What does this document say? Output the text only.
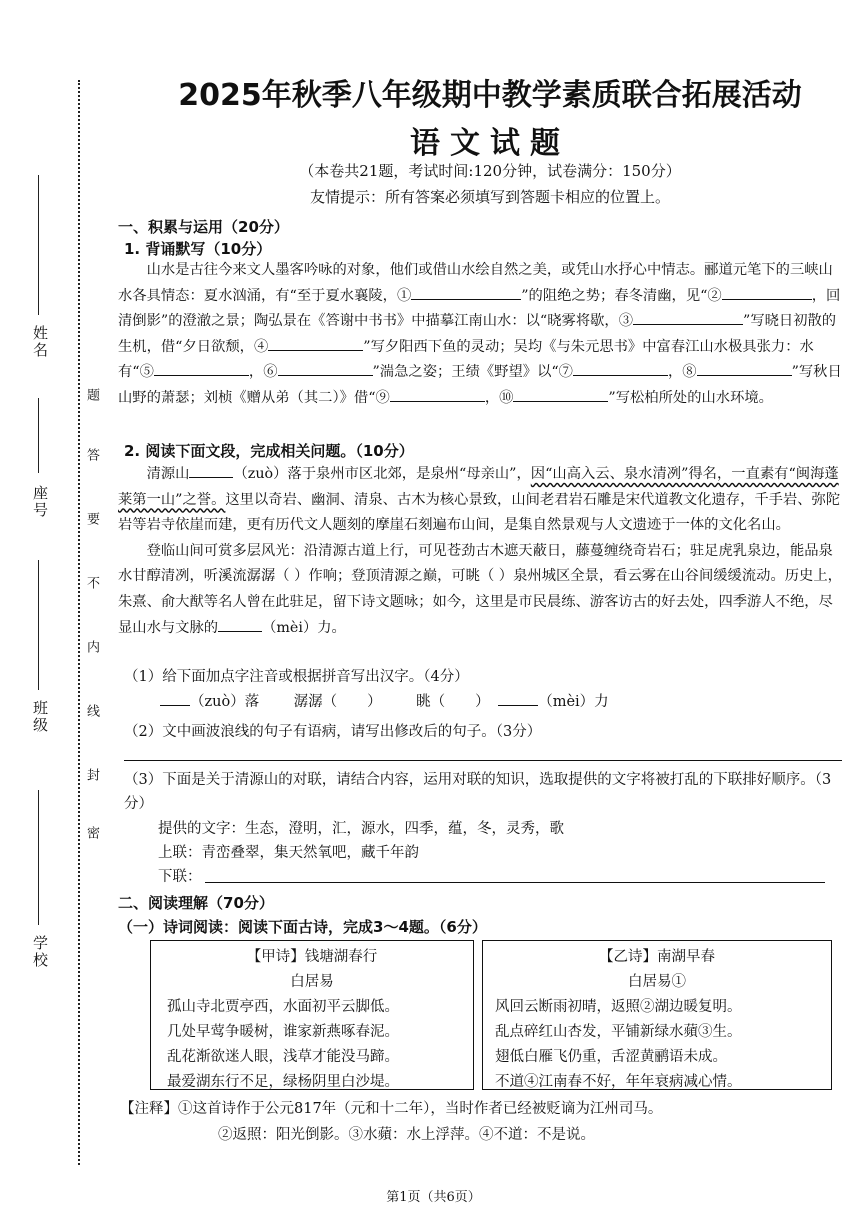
姓名
座号
班级
学校
题
答
要
不
内
线
封
密
2025年秋季八年级期中教学素质联合拓展活动
语文试题
（本卷共21题，考试时间:120分钟，试卷满分：150分）
友情提示：所有答案必须填写到答题卡相应的位置上。
一、积累与运用（20分）
1. 背诵默写（10分）

山水是古往今来文人墨客吟咏的对象，他们或借山水绘自然之美，或凭山水抒心中情志。郦道元笔下的三峡山水各具情态：夏水汹涌，有“至于夏水襄陵，①	”的阻绝之势；春冬清幽，见“②	，回清倒影”的澄澈之景；陶弘景在《答谢中书书》中描摹江南山水：以“晓雾将歇，③	”写晓日初散的生机，借“夕日欲颓，④	”写夕阳西下鱼的灵动；吴均《与朱元思书》中富春江山水极具张力：水有“⑤	，⑥	”湍急之姿；王绩《野望》以“⑦	，⑧	”写秋日山野的萧瑟；刘桢《赠从弟（其二）》借“⑨	，⑩	”写松柏所处的山水环境。

2. 阅读下面文段，完成相关问题。（10分）

清源山	（zuò）落于泉州市区北郊，是泉州“母亲山”，因“山高入云、泉水清冽”得名，一直素有“闽海蓬莱第一山”之誉。这里以奇岩、幽洞、清泉、古木为核心景致，山间老君岩石雕是宋代道教文化遗存，千手岩、弥陀岩等岩寺依崖而建，更有历代文人题刻的摩崖石刻遍布山间，是集自然景观与人文遗迹于一体的文化名山。

登临山间可赏多层风光：沿清源古道上行，可见苍劲古木遮天蔽日，藤蔓缠绕奇岩石；驻足虎乳泉边，能品泉水甘醇清冽，听溪流潺潺（ ）作响；登顶清源之巅，可眺（ ）泉州城区全景，看云雾在山谷间缓缓流动。历史上，朱熹、俞大猷等名人曾在此驻足，留下诗文题咏；如今，这里是市民晨练、游客访古的好去处，四季游人不绝，尽显山水与文脉的	（mèi）力。

（1）给下面加点字注音或根据拼音写出汉字。（4分）
（zuò）落 潺潺（ ） 眺（ ）	（mèi）力
（2）文中画波浪线的句子有语病，请写出修改后的句子。（3分）
（3）下面是关于清源山的对联，请结合内容，运用对联的知识，选取提供的文字将被打乱的下联排好顺序。（3分）
提供的文字：生态，澄明，汇，源水，四季，蕴，冬，灵秀，歌
上联：青峦叠翠，集天然氧吧，藏千年韵
下联：
二、阅读理解（70分）
（一）诗词阅读：阅读下面古诗，完成3～4题。（6分）
【甲诗】钱塘湖春行
白居易
孤山寺北贾亭西，水面初平云脚低。
几处早莺争暖树，谁家新燕啄春泥。
乱花渐欲迷人眼，浅草才能没马蹄。
最爱湖东行不足，绿杨阴里白沙堤。
【乙诗】南湖早春
白居易①
风回云断雨初晴，返照②湖边暖复明。
乱点碎红山杏发，平铺新绿水蘋③生。
翅低白雁飞仍重，舌涩黄鹂语未成。
不道④江南春不好，年年衰病减心情。
【注释】①这首诗作于公元817年（元和十二年），当时作者已经被贬谪为江州司马。
②返照：阳光倒影。③水蘋：水上浮萍。④不道：不是说。
第1页（共6页）
